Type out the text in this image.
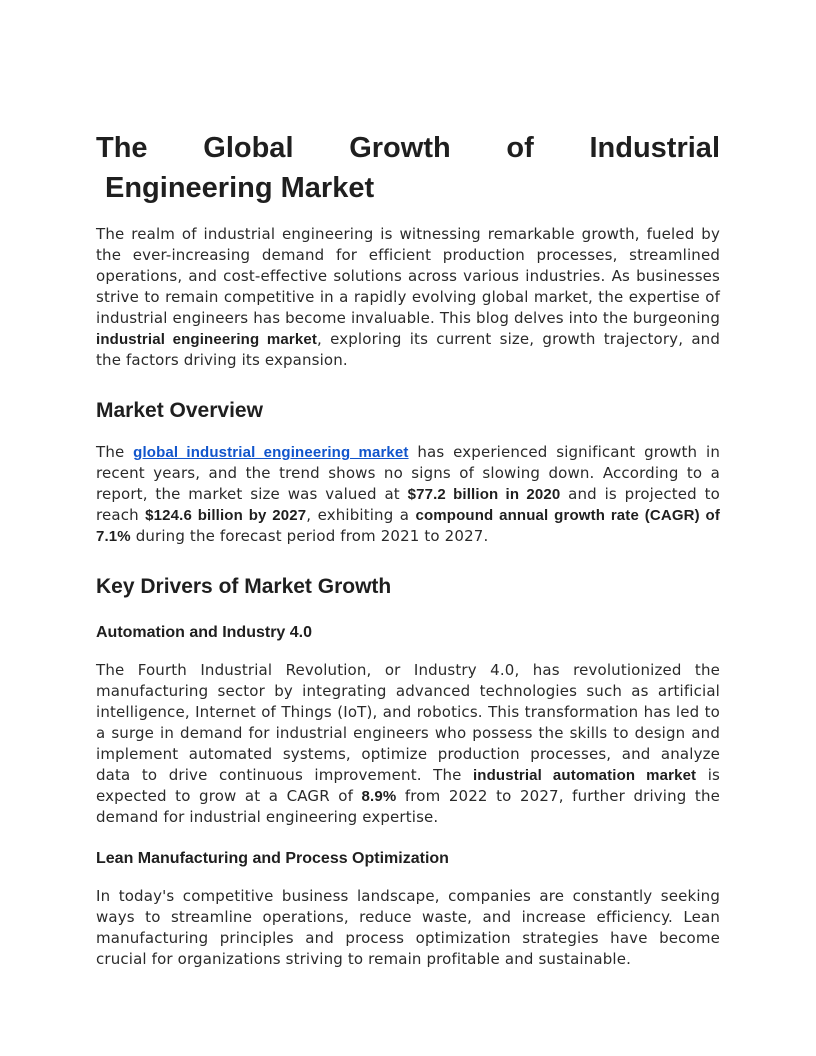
The Global Growth of Industrial
Engineering Market

The realm of industrial engineering is witnessing remarkable growth, fueled by the ever-increasing demand for efficient production processes, streamlined operations, and cost-effective solutions across various industries. As businesses strive to remain competitive in a rapidly evolving global market, the expertise of industrial engineers has become invaluable. This blog delves into the burgeoning industrial engineering market, exploring its current size, growth trajectory, and the factors driving its expansion.

Market Overview

The global industrial engineering market has experienced significant growth in recent years, and the trend shows no signs of slowing down. According to a report, the market size was valued at $77.2 billion in 2020 and is projected to reach $124.6 billion by 2027, exhibiting a compound annual growth rate (CAGR) of 7.1% during the forecast period from 2021 to 2027.

Key Drivers of Market Growth
Automation and Industry 4.0

The Fourth Industrial Revolution, or Industry 4.0, has revolutionized the manufacturing sector by integrating advanced technologies such as artificial intelligence, Internet of Things (IoT), and robotics. This transformation has led to a surge in demand for industrial engineers who possess the skills to design and implement automated systems, optimize production processes, and analyze data to drive continuous improvement. The industrial automation market is expected to grow at a CAGR of 8.9% from 2022 to 2027, further driving the demand for industrial engineering expertise.

Lean Manufacturing and Process Optimization

In today's competitive business landscape, companies are constantly seeking ways to streamline operations, reduce waste, and increase efficiency. Lean manufacturing principles and process optimization strategies have become crucial for organizations striving to remain profitable and sustainable.
